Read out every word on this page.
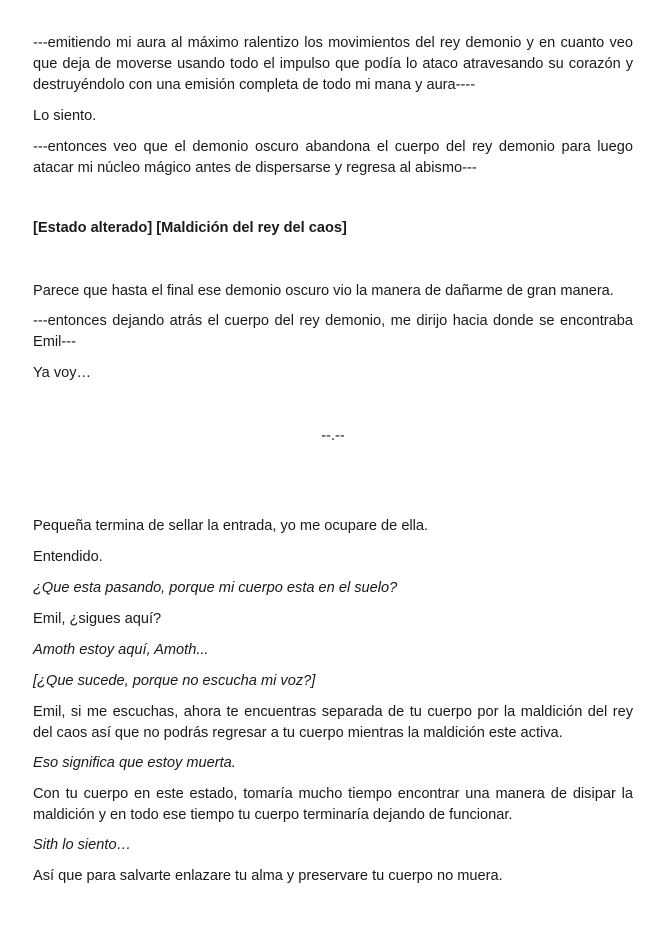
---emitiendo mi aura al máximo ralentizo los movimientos del rey demonio y en cuanto veo que deja de moverse usando todo el impulso que podía lo ataco atravesando su corazón y destruyéndolo con una emisión completa de todo mi mana y aura----

Lo siento.

---entonces veo que el demonio oscuro abandona el cuerpo del rey demonio para luego atacar mi núcleo mágico antes de dispersarse y regresa al abismo---

[Estado alterado] [Maldición del rey del caos]

Parece que hasta el final ese demonio oscuro vio la manera de dañarme de gran manera.

---entonces dejando atrás el cuerpo del rey demonio, me dirijo hacia donde se encontraba Emil---

Ya voy…

--.--

Pequeña termina de sellar la entrada, yo me ocupare de ella.

Entendido.

¿Que esta pasando, porque mi cuerpo esta en el suelo?

Emil, ¿sigues aquí?

Amoth estoy aquí, Amoth...

[¿Que sucede, porque no escucha mi voz?]

Emil, si me escuchas, ahora te encuentras separada de tu cuerpo por la maldición del rey del caos así que no podrás regresar a tu cuerpo mientras la maldición este activa.

Eso significa que estoy muerta.

Con tu cuerpo en este estado, tomaría mucho tiempo encontrar una manera de disipar la maldición y en todo ese tiempo tu cuerpo terminaría dejando de funcionar.

Sith lo siento…

Así que para salvarte enlazare tu alma y preservare tu cuerpo no muera.
